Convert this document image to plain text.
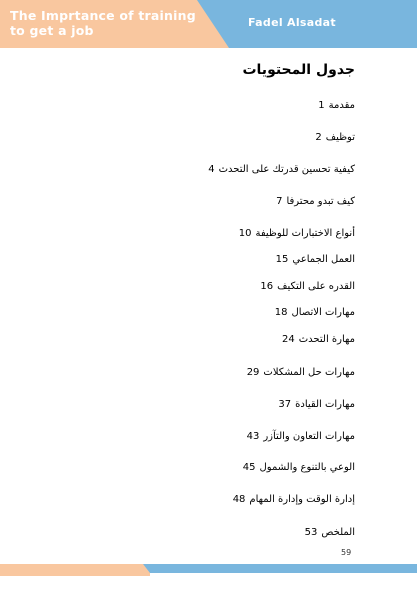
The Imprtance of training to get a job
Fadel Alsadat
جدول المحتويات
مقدمة1
توظيف2
كيفية تحسين قدرتك على التحدث4
كيف تبدو محترفا7
أنواع الاختبارات للوظيفة10
العمل الجماعي15
القدره على التكيف16
مهارات الاتصال18
مهارة التحدث24
مهارات حل المشكلات29
مهارات القيادة37
مهارات التعاون والتآزر43
الوعي بالتنوع والشمول45
إدارة الوقت وإدارة المهام48
الملخص53
59
